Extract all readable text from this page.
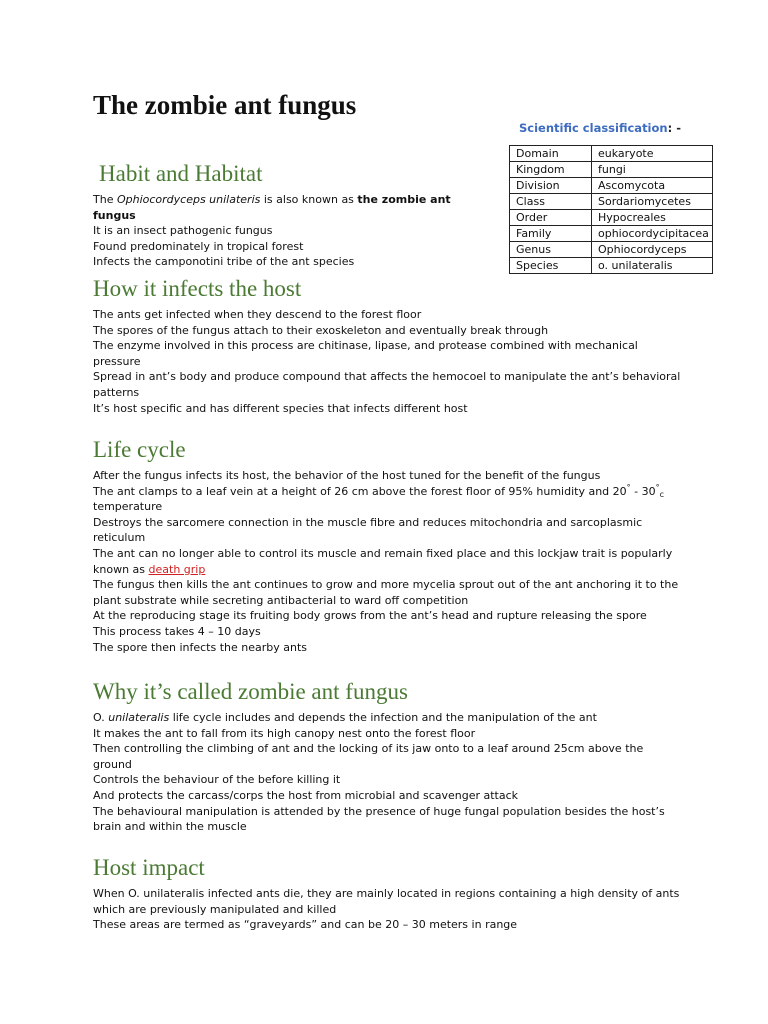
The zombie ant fungus
Scientific classification: -
Domain	eukaryote
Kingdom	fungi
Division	Ascomycota
Class	Sordariomycetes
Order	Hypocreales
Family	ophiocordycipitacea
Genus	Ophiocordyceps
Species	o. unilateralis
Habit and Habitat

The Ophiocordyceps unilateris is also known as the zombie ant fungus

It is an insect pathogenic fungus

Found predominately in tropical forest

Infects the camponotini tribe of the ant species

How it infects the host

The ants get infected when they descend to the forest floor

The spores of the fungus attach to their exoskeleton and eventually break through

The enzyme involved in this process are chitinase, lipase, and protease combined with mechanical pressure

Spread in ant’s body and produce compound that affects the hemocoel to manipulate the ant’s behavioral patterns

It’s host specific and has different species that infects different host

Life cycle

After the fungus infects its host, the behavior of the host tuned for the benefit of the fungus

The ant clamps to a leaf vein at a height of 26 cm above the forest floor of 95% humidity and $20^\circ - 30^\circ_c$ temperature

Destroys the sarcomere connection in the muscle fibre and reduces mitochondria and sarcoplasmic reticulum

The ant can no longer able to control its muscle and remain fixed place and this lockjaw trait is popularly known as death grip

The fungus then kills the ant continues to grow and more mycelia sprout out of the ant anchoring it to the plant substrate while secreting antibacterial to ward off competition

At the reproducing stage its fruiting body grows from the ant’s head and rupture releasing the spore

This process takes 4 – 10 days

The spore then infects the nearby ants

Why it’s called zombie ant fungus

O. unilateralis life cycle includes and depends the infection and the manipulation of the ant

It makes the ant to fall from its high canopy nest onto the forest floor

Then controlling the climbing of ant and the locking of its jaw onto to a leaf around 25cm above the ground

Controls the behaviour of the before killing it

And protects the carcass/corps the host from microbial and scavenger attack

The behavioural manipulation is attended by the presence of huge fungal population besides the host’s brain and within the muscle

Host impact

When O. unilateralis infected ants die, they are mainly located in regions containing a high density of ants which are previously manipulated and killed

These areas are termed as “graveyards” and can be 20 – 30 meters in range
